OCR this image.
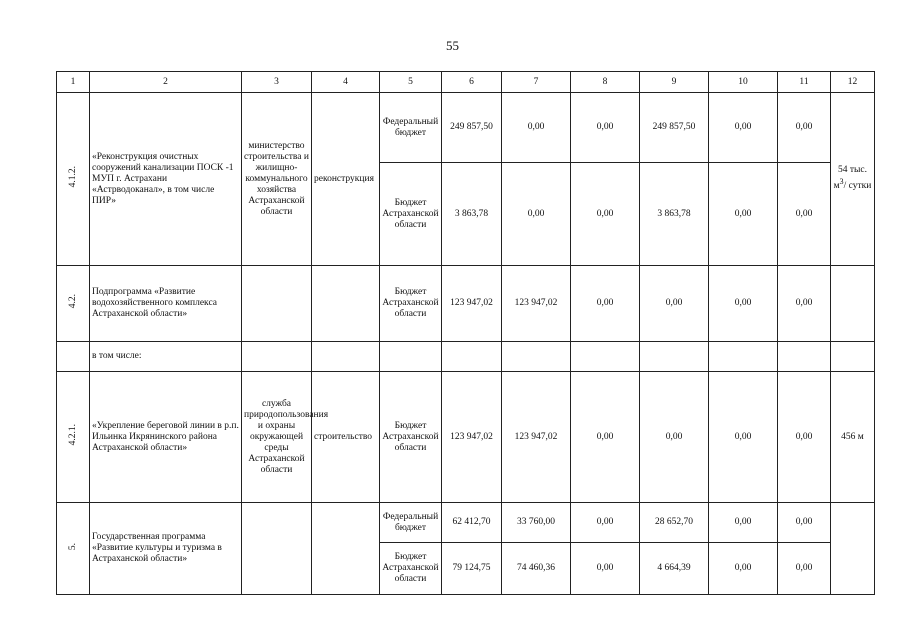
55
1	2	3	4	5	6	7	8	9	10	11	12
4.1.2.	«Реконструкция очистных сооружений канализации ПОСК -1 МУП г. Астрахани «Астрводоканал», в том числе ПИР»	министерство строительства и жилищно-коммунального хозяйства Астраханской области	реконструкция	Федеральный бюджет	249 857,50	0,00	0,00	249 857,50	0,00	0,00	54 тыс. $м^3/$ сутки
				Бюджет Астраханской области	3 863,78	0,00	0,00	3 863,78	0,00	0,00	
4.2.	Подпрограмма «Развитие водохозяйственного комплекса Астраханской области»			Бюджет Астраханской области	123 947,02	123 947,02	0,00	0,00	0,00	0,00	
	в том числе:										
4.2.1.	«Укрепление береговой линии в р.п. Ильинка Икрянинского района Астраханской области»	служба природопользования и охраны окружающей среды Астраханской области	строительство	Бюджет Астраханской области	123 947,02	123 947,02	0,00	0,00	0,00	0,00	456 м
5.	Государственная программа «Развитие культуры и туризма в Астраханской области»			Федеральный бюджет	62 412,70	33 760,00	0,00	28 652,70	0,00	0,00	
				Бюджет Астраханской области	79 124,75	74 460,36	0,00	4 664,39	0,00	0,00	
